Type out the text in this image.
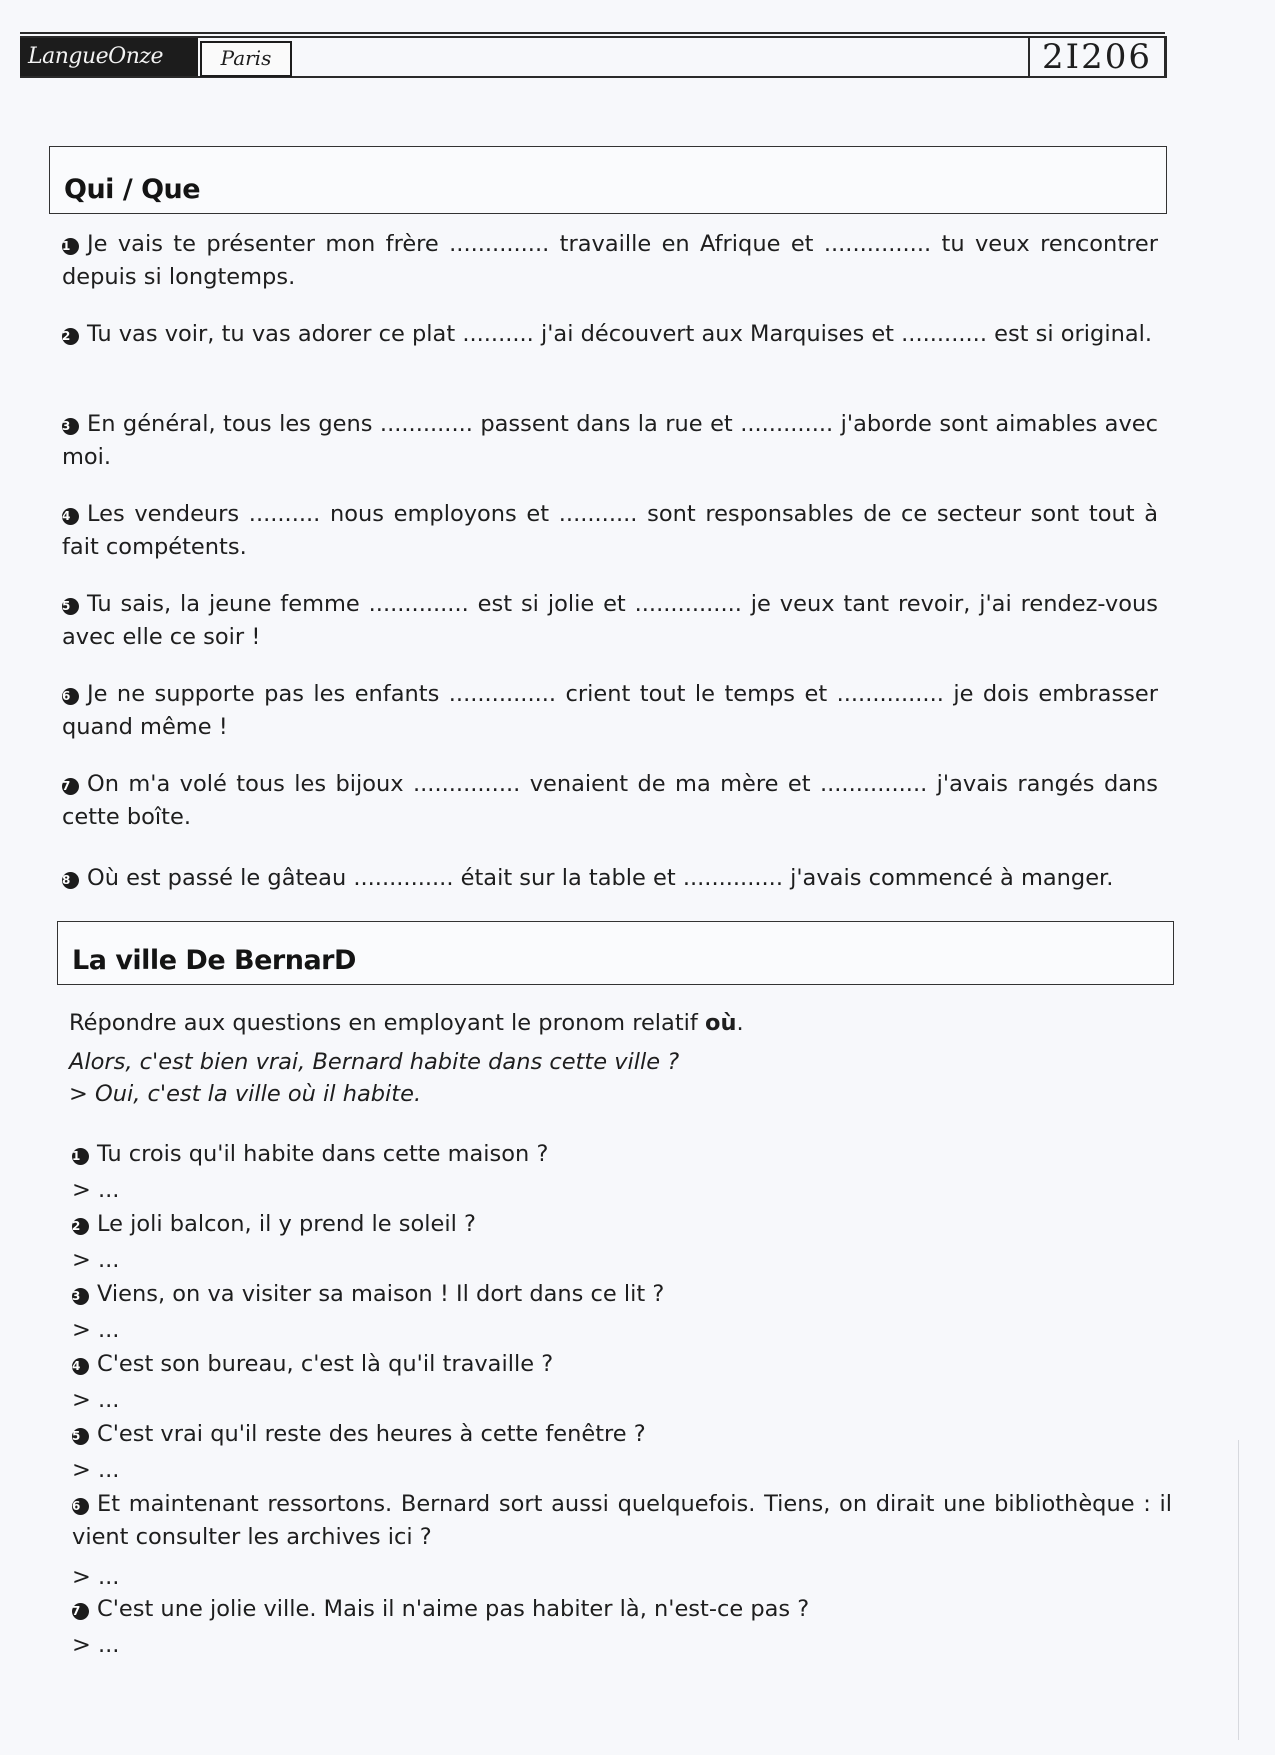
LangueOnze	Paris	2I206
Qui / Que
1 Je vais te présenter mon frère .............. travaille en Afrique et ............... tu veux rencontrer depuis si longtemps.
2 Tu vas voir, tu vas adorer ce plat .......... j'ai découvert aux Marquises et ............ est si original.
3 En général, tous les gens ............. passent dans la rue et ............. j'aborde sont aimables avec moi.
4 Les vendeurs .......... nous employons et ........... sont responsables de ce secteur sont tout à fait compétents.
5 Tu sais, la jeune femme .............. est si jolie et ............... je veux tant revoir, j'ai rendez-vous avec elle ce soir !
6 Je ne supporte pas les enfants ............... crient tout le temps et ............... je dois embrasser quand même !
7 On m'a volé tous les bijoux ............... venaient de ma mère et ............... j'avais rangés dans cette boîte.
8 Où est passé le gâteau .............. était sur la table et .............. j'avais commencé à manger.
La ville De BernarD
Répondre aux questions en employant le pronom relatif où.
Alors, c'est bien vrai, Bernard habite dans cette ville ?
> Oui, c'est la ville où il habite.
1 Tu crois qu'il habite dans cette maison ?
> ...
2 Le joli balcon, il y prend le soleil ?
> ...
3 Viens, on va visiter sa maison ! Il dort dans ce lit ?
> ...
4 C'est son bureau, c'est là qu'il travaille ?
> ...
5 C'est vrai qu'il reste des heures à cette fenêtre ?
> ...
6 Et maintenant ressortons. Bernard sort aussi quelquefois. Tiens, on dirait une bibliothèque : il vient consulter les archives ici ?
> ...
7 C'est une jolie ville. Mais il n'aime pas habiter là, n'est-ce pas ?
> ...
